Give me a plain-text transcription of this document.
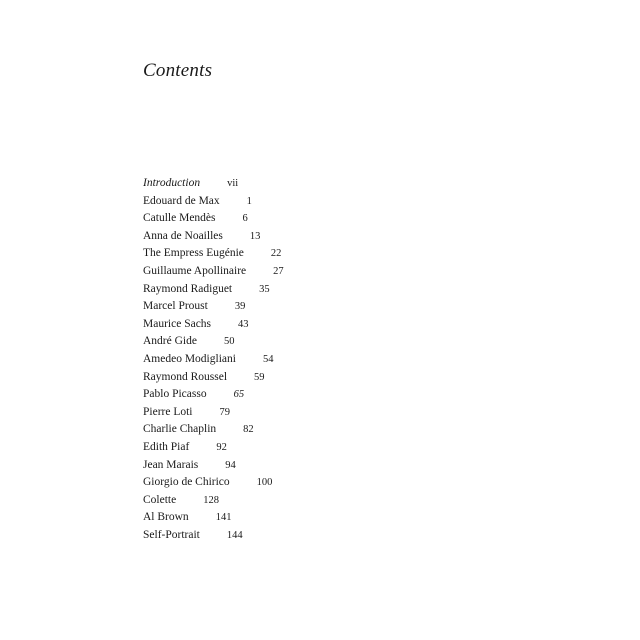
Contents
Introduction	vii
Edouard de Max	1
Catulle Mendès	6
Anna de Noailles	13
The Empress Eugénie	22
Guillaume Apollinaire	27
Raymond Radiguet	35
Marcel Proust	39
Maurice Sachs	43
André Gide	50
Amedeo Modigliani	54
Raymond Roussel	59
Pablo Picasso	65
Pierre Loti	79
Charlie Chaplin	82
Edith Piaf	92
Jean Marais	94
Giorgio de Chirico	100
Colette	128
Al Brown	141
Self-Portrait	144
